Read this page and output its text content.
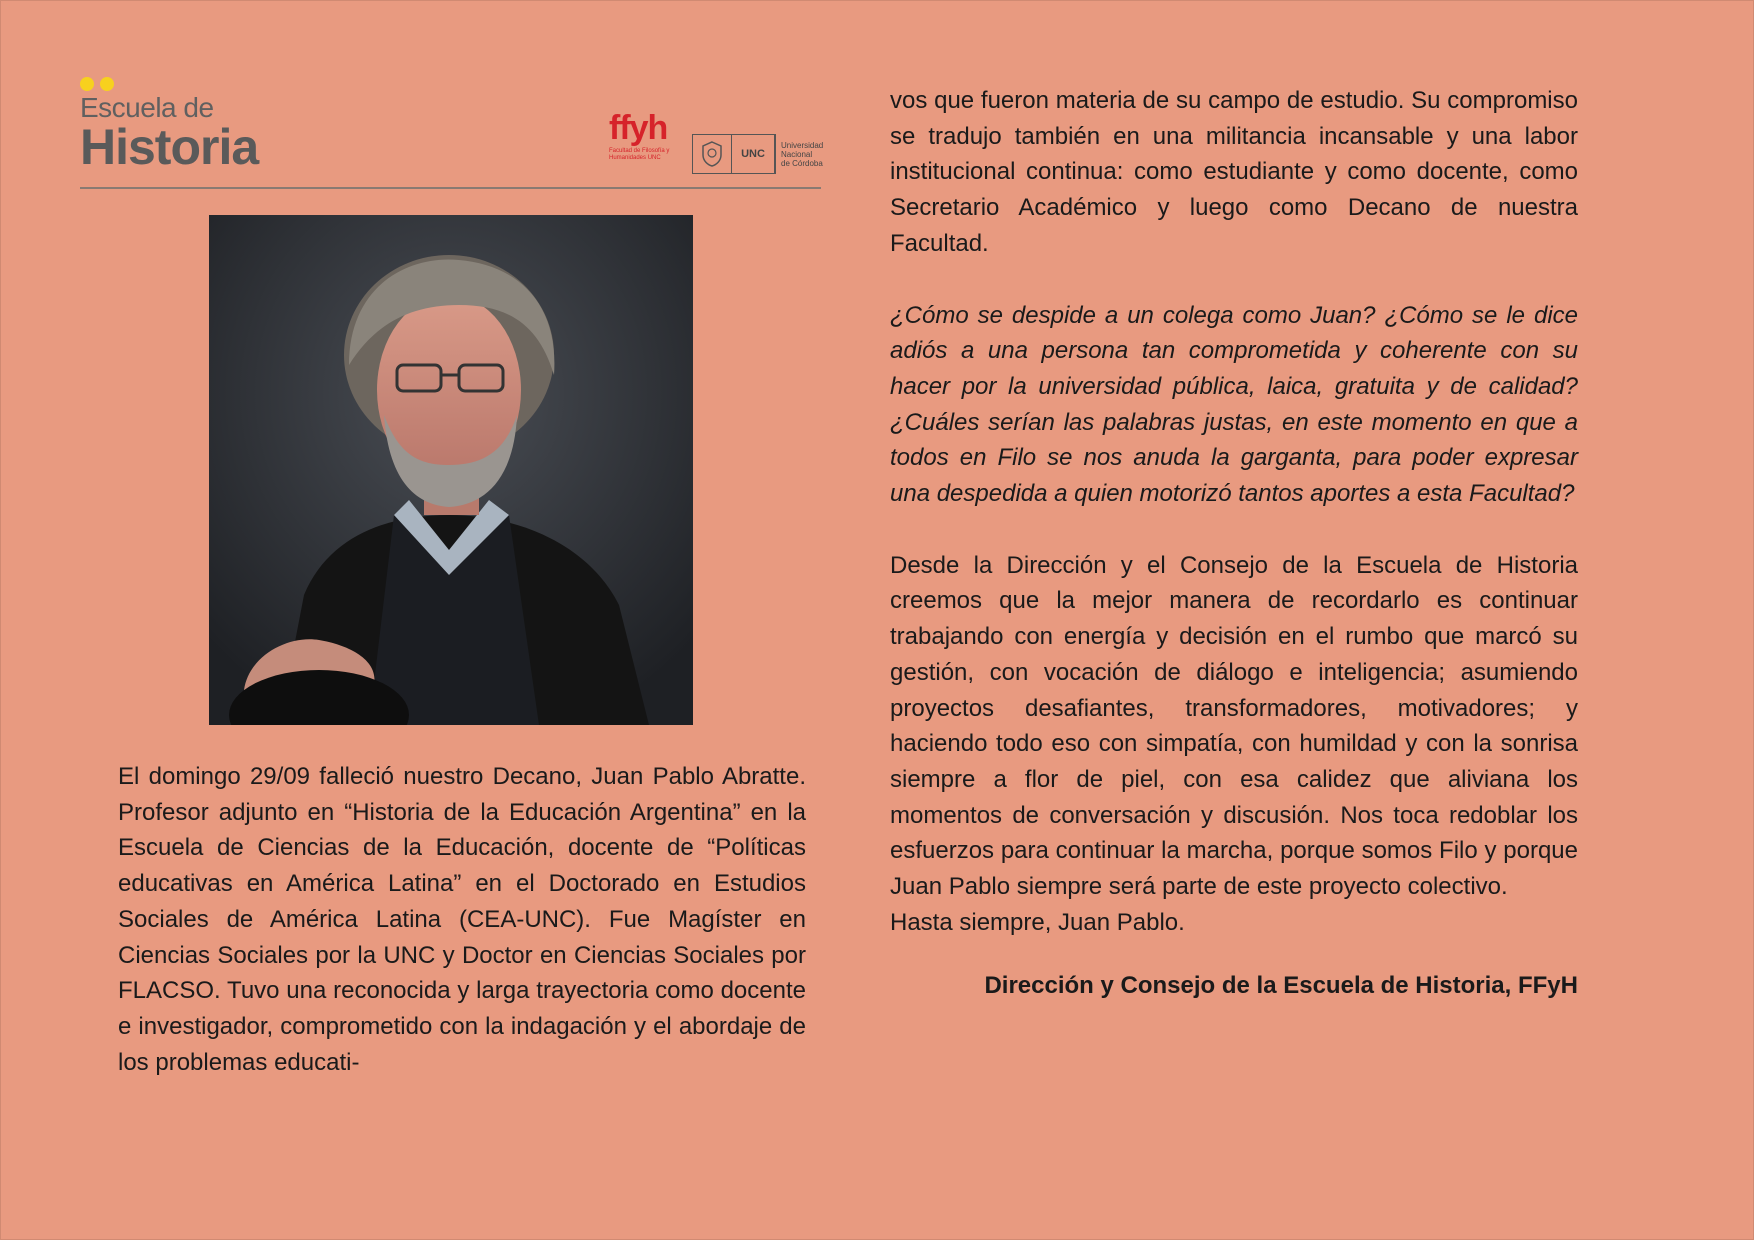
Escuela de
Historia	ffyh
Facultad de Filosofía y Humanidades UNC	UNC
Universidad
Nacional
de Córdoba

El domingo 29/09 falleció nuestro Decano, Juan Pablo Abratte. Profesor adjunto en “Historia de la Educación Argentina” en la Escuela de Ciencias de la Educación, docente de “Políticas educativas en América Latina” en el Doctorado en Estudios Sociales de América Latina (CEA-UNC). Fue Magíster en Ciencias Sociales por la UNC y Doctor en Ciencias Sociales por FLACSO. Tuvo una reconocida y larga trayectoria como docente e investigador, comprometido con la indagación y el abordaje de los problemas educati-

vos que fueron materia de su campo de estudio. Su compromiso se tradujo también en una militancia incansable y una labor institucional continua: como estudiante y como docente, como Secretario Académico y luego como Decano de nuestra Facultad.

¿Cómo se despide a un colega como Juan? ¿Cómo se le dice adiós a una persona tan comprometida y coherente con su hacer por la universidad pública, laica, gratuita y de calidad? ¿Cuáles serían las palabras justas, en este momento en que a todos en Filo se nos anuda la garganta, para poder expresar una despedida a quien motorizó tantos aportes a esta Facultad?

Desde la Dirección y el Consejo de la Escuela de Historia creemos que la mejor manera de recordarlo es continuar trabajando con energía y decisión en el rumbo que marcó su gestión, con vocación de diálogo e inteligencia; asumiendo proyectos desafiantes, transformadores, motivadores; y haciendo todo eso con simpatía, con humildad y con la sonrisa siempre a flor de piel, con esa calidez que aliviana los momentos de conversación y discusión. Nos toca redoblar los esfuerzos para continuar la marcha, porque somos Filo y porque Juan Pablo siempre será parte de este proyecto colectivo.

Hasta siempre, Juan Pablo.

Dirección y Consejo de la Escuela de Historia, FFyH
